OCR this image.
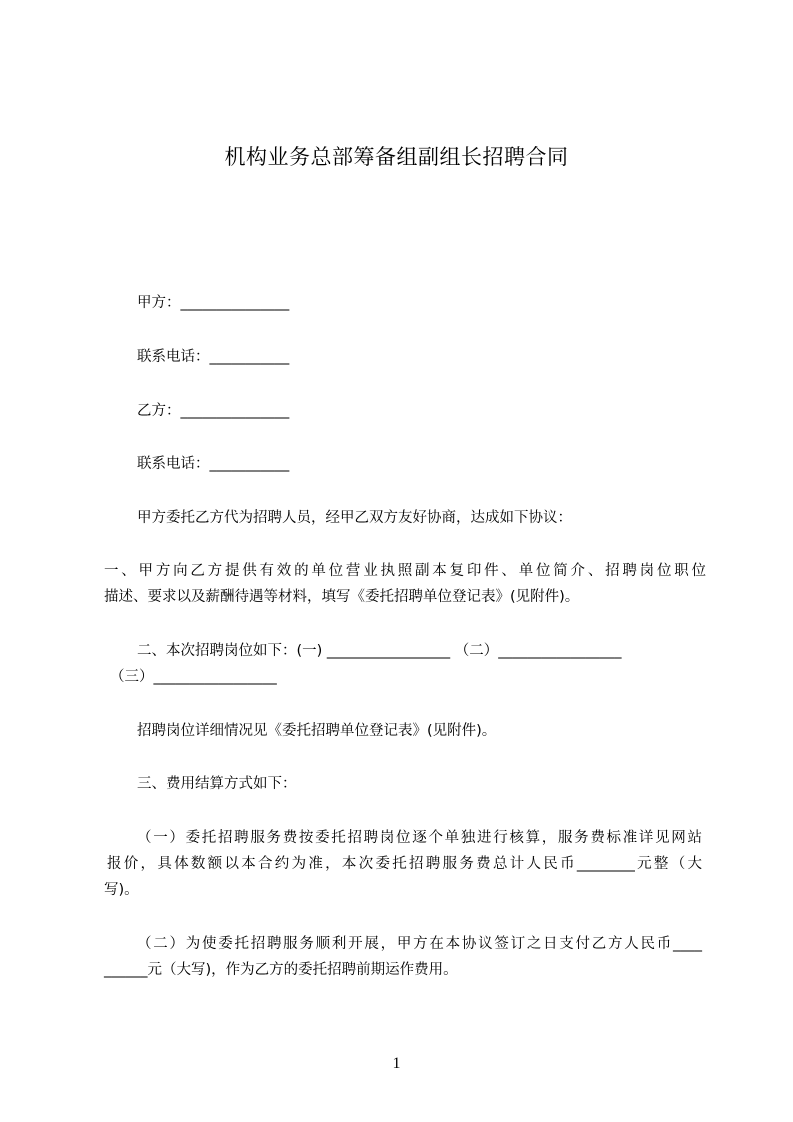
机构业务总部筹备组副组长招聘合同
甲方：_______________
联系电话：___________
乙方：_______________
联系电话：___________
甲方委托乙方代为招聘人员，经甲乙双方友好协商，达成如下协议：
一、甲方向乙方提供有效的单位营业执照副本复印件、单位简介、招聘岗位职位
描述、要求以及薪酬待遇等材料，填写《委托招聘单位登记表》(见附件)。
二、本次招聘岗位如下：(一) _________________ （二）_________________
（三）_________________
招聘岗位详细情况见《委托招聘单位登记表》(见附件)。
三、费用结算方式如下：
（一）委托招聘服务费按委托招聘岗位逐个单独进行核算，服务费标准详见网站
报价，具体数额以本合约为准，本次委托招聘服务费总计人民币________元整（大
写)。
（二）为使委托招聘服务顺利开展，甲方在本协议签订之日支付乙方人民币____
______元（大写)，作为乙方的委托招聘前期运作费用。
1
